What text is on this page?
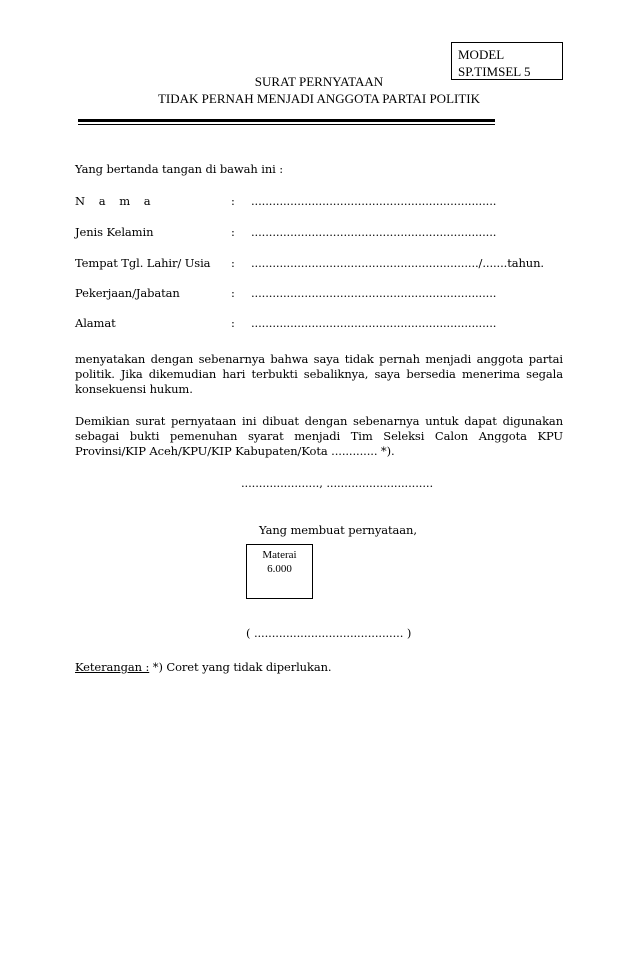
MODEL
SP.TIMSEL 5
SURAT PERNYATAAN
TIDAK PERNAH MENJADI ANGGOTA PARTAI POLITIK
Yang bertanda tangan di bawah ini :
N a m a	: .....................................................................
Jenis Kelamin	: .....................................................................
Tempat Tgl. Lahir/ Usia : ................................................................/.......tahun.
Pekerjaan/Jabatan	: .....................................................................
Alamat	: .....................................................................
menyatakan dengan sebenarnya bahwa saya tidak pernah menjadi anggota partai politik. Jika dikemudian hari terbukti sebaliknya, saya bersedia menerima segala konsekuensi hukum.
Demikian surat pernyataan ini dibuat dengan sebenarnya untuk dapat digunakan sebagai bukti pemenuhan syarat menjadi Tim Seleksi Calon Anggota KPU Provinsi/KIP Aceh/KPU/KIP Kabupaten/Kota ............. *).
......................, ..............................
Yang membuat pernyataan,
Materai
6.000
( .......................................... )
Keterangan : *) Coret yang tidak diperlukan.
